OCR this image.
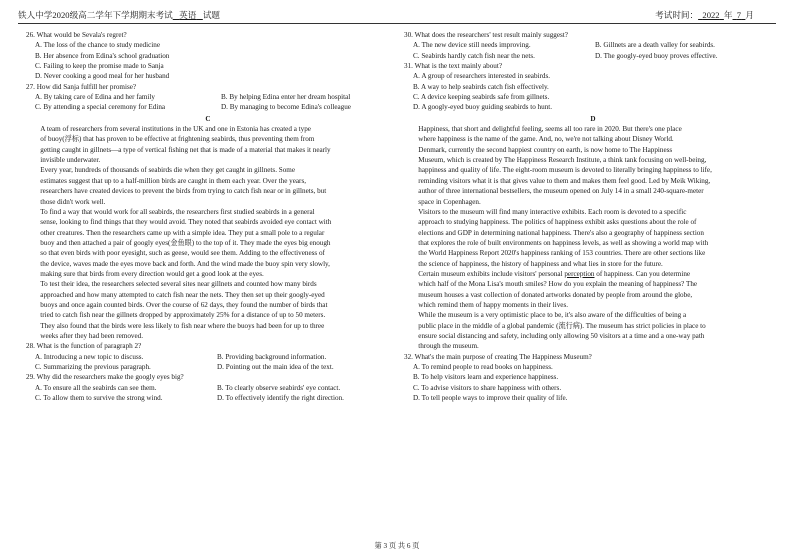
铁人中学2020级高二学年下学期期末考试 英语 试题	考试时间： 2022 年 7 月

26. What would be Sevala's regret?

A. The loss of the chance to study medicine

B. Her absence from Edina's school graduation

C. Failing to keep the promise made to Sanja

D. Never cooking a good meal for her husband

27. How did Sanja fulfill her promise?

A. By taking care of Edina and her family	B. By helping Edina enter her dream hospital
C. By attending a special ceremony for Edina	D. By managing to become Edina's colleague

C

A team of researchers from several institutions in the UK and one in Estonia has created a type
of buoy(浮标) that has proven to be effective at frightening seabirds, thus preventing them from
getting caught in gillnets—a type of vertical fishing net that is made of a material that makes it nearly
invisible underwater.

Every year, hundreds of thousands of seabirds die when they get caught in gillnets. Some
estimates suggest that up to a half-million birds are caught in them each year. Over the years,
researchers have created devices to prevent the birds from trying to catch fish near or in gillnets, but
those didn't work well.

To find a way that would work for all seabirds, the researchers first studied seabirds in a general
sense, looking to find things that they would avoid. They noted that seabirds avoided eye contact with
other creatures. Then the researchers came up with a simple idea. They put a small pole to a regular
buoy and then attached a pair of googly eyes(金鱼眼) to the top of it. They made the eyes big enough
so that even birds with poor eyesight, such as geese, would see them. Adding to the effectiveness of
the device, waves made the eyes move back and forth. And the wind made the buoy spin very slowly,
making sure that birds from every direction would get a good look at the eyes.

To test their idea, the researchers selected several sites near gillnets and counted how many birds
approached and how many attempted to catch fish near the nets. They then set up their googly-eyed
buoys and once again counted birds. Over the course of 62 days, they found the number of birds that
tried to catch fish near the gillnets dropped by approximately 25% for a distance of up to 50 meters.
They also found that the birds were less likely to fish near where the buoys had been for up to three
weeks after they had been removed.

28. What is the function of paragraph 2?

A. Introducing a new topic to discuss.	B. Providing background information.
C. Summarizing the previous paragraph.	D. Pointing out the main idea of the text.

29. Why did the researchers make the googly eyes big?

A. To ensure all the seabirds can see them.	B. To clearly observe seabirds' eye contact.
C. To allow them to survive the strong wind.	D. To effectively identify the right direction.

30. What does the researchers' test result mainly suggest?

A. The new device still needs improving.	B. Gillnets are a death valley for seabirds.
C. Seabirds hardly catch fish near the nets.	D. The googly-eyed buoy proves effective.

31. What is the text mainly about?

A. A group of researchers interested in seabirds.

B. A way to help seabirds catch fish effectively.

C. A device keeping seabirds safe from gillnets.

D. A googly-eyed buoy guiding seabirds to hunt.

D

Happiness, that short and delightful feeling, seems all too rare in 2020. But there's one place
where happiness is the name of the game. And, no, we're not talking about Disney World.

Denmark, currently the second happiest country on earth, is now home to The Happiness
Museum, which is created by The Happiness Research Institute, a think tank focusing on well-being,
happiness and quality of life. The eight-room museum is devoted to literally bringing happiness to life,
reminding visitors what it is that gives value to them and makes them feel good. Led by Meik Wiking,
author of three international bestsellers, the museum opened on July 14 in a small 240-square-meter
space in Copenhagen.

Visitors to the museum will find many interactive exhibits. Each room is devoted to a specific
approach to studying happiness. The politics of happiness exhibit asks questions about the role of
elections and GDP in determining national happiness. There's also a geography of happiness section
that explores the role of built environments on happiness levels, as well as showing a world map with
the World Happiness Report 2020's happiness ranking of 153 countries. There are other sections like
the science of happiness, the history of happiness and what lies in store for the future.

Certain museum exhibits include visitors' personal perception of happiness. Can you determine
which half of the Mona Lisa's mouth smiles? How do you explain the meaning of happiness? The
museum houses a vast collection of donated artworks donated by people from around the globe,
which remind them of happy moments in their lives.

While the museum is a very optimistic place to be, it's also aware of the difficulties of being a
public place in the middle of a global pandemic (流行病). The museum has strict policies in place to
ensure social distancing and safety, including only allowing 50 visitors at a time and a one-way path
through the museum.

32. What's the main purpose of creating The Happiness Museum?

A. To remind people to read books on happiness.

B. To help visitors learn and experience happiness.

C. To advise visitors to share happiness with others.

D. To tell people ways to improve their quality of life.

第 3 页 共 6 页
